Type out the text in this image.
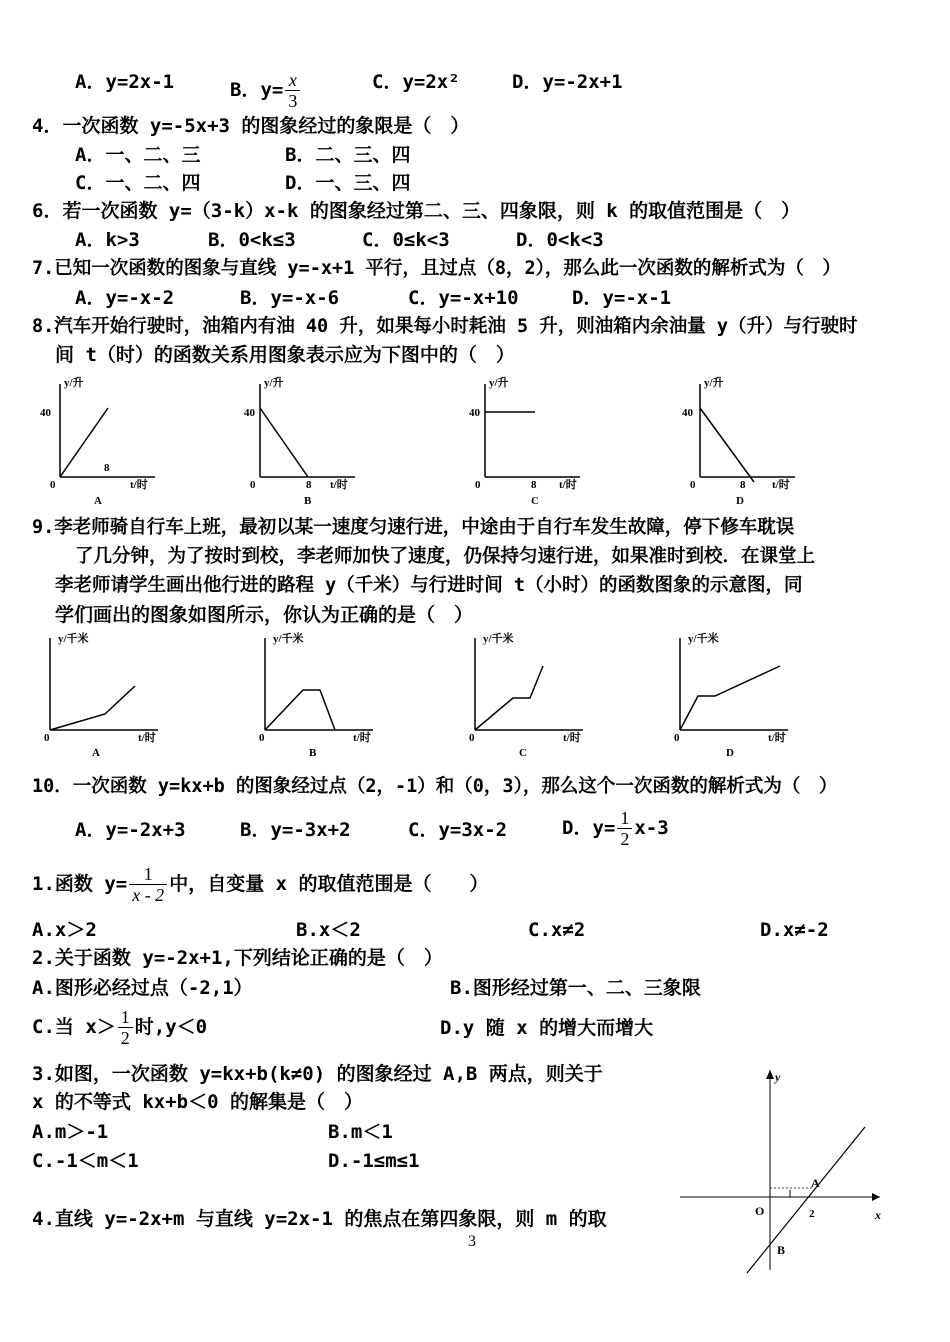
A．y=2x-1	B．$y= \frac{x}{3}$	C．y=2x²	D．y=-2x+1
4．一次函数 y=-5x+3 的图象经过的象限是（　）
A．一、二、三	B．二、三、四
C．一、二、四	D．一、三、四
6．若一次函数 y=（3-k）x-k 的图象经过第二、三、四象限，则 k 的取值范围是（　）
A．k>3	B．0<k≤3	C．0≤k<3	D．0<k<3
7.已知一次函数的图象与直线 y=-x+1 平行，且过点（8，2），那么此一次函数的解析式为（　）
A．y=-x-2	B．y=-x-6	C．y=-x+10	D．y=-x-1
8.汽车开始行驶时，油箱内有油 40 升，如果每小时耗油 5 升，则油箱内余油量 y（升）与行驶时
间 t（时）的函数关系用图象表示应为下图中的（　）
y/升
40
8
0	t/时
A
y/升
40
8
0	t/时
B
y/升
40
8
0	t/时
C
y/升
40
8
0	t/时
D
9.李老师骑自行车上班，最初以某一速度匀速行进，中途由于自行车发生故障，停下修车耽误
了几分钟，为了按时到校，李老师加快了速度，仍保持匀速行进，如果准时到校．在课堂上
李老师请学生画出他行进的路程 y（千米）与行进时间 t（小时）的函数图象的示意图，同
学们画出的图象如图所示，你认为正确的是（　）
y/千米
0	t/时
A
y/千米
0	t/时
B
y/千米
0	t/时
C
y/千米
0	t/时
D
10．一次函数 y=kx+b 的图象经过点（2，-1）和（0，3），那么这个一次函数的解析式为（　）
A．y=-2x+3	B．y=-3x+2	C．y=3x-2	D．$y= \frac{1}{2} x-3$
1.函数 $y= \frac{1}{x - 2}$ 中，自变量 x 的取值范围是（　　）
A.x＞2	B.x＜2	C.x≠2	D.x≠-2
2.关于函数 y=-2x+1,下列结论正确的是（　）
A.图形必经过点（-2,1）	B.图形经过第一、二、三象限
C.当 $x> \frac{1}{2}$ 时,y＜0	D.y 随 x 的增大而增大
3.如图，一次函数 y=kx+b(k≠0) 的图象经过 A,B 两点，则关于
x 的不等式 kx+b＜0 的解集是（　）
A.m＞-1	B.m＜1
C.-1＜m＜1	D.-1≤m≤1
y
x
O	2
A
B
4.直线 y=-2x+m 与直线 y=2x-1 的焦点在第四象限，则 m 的取
3
